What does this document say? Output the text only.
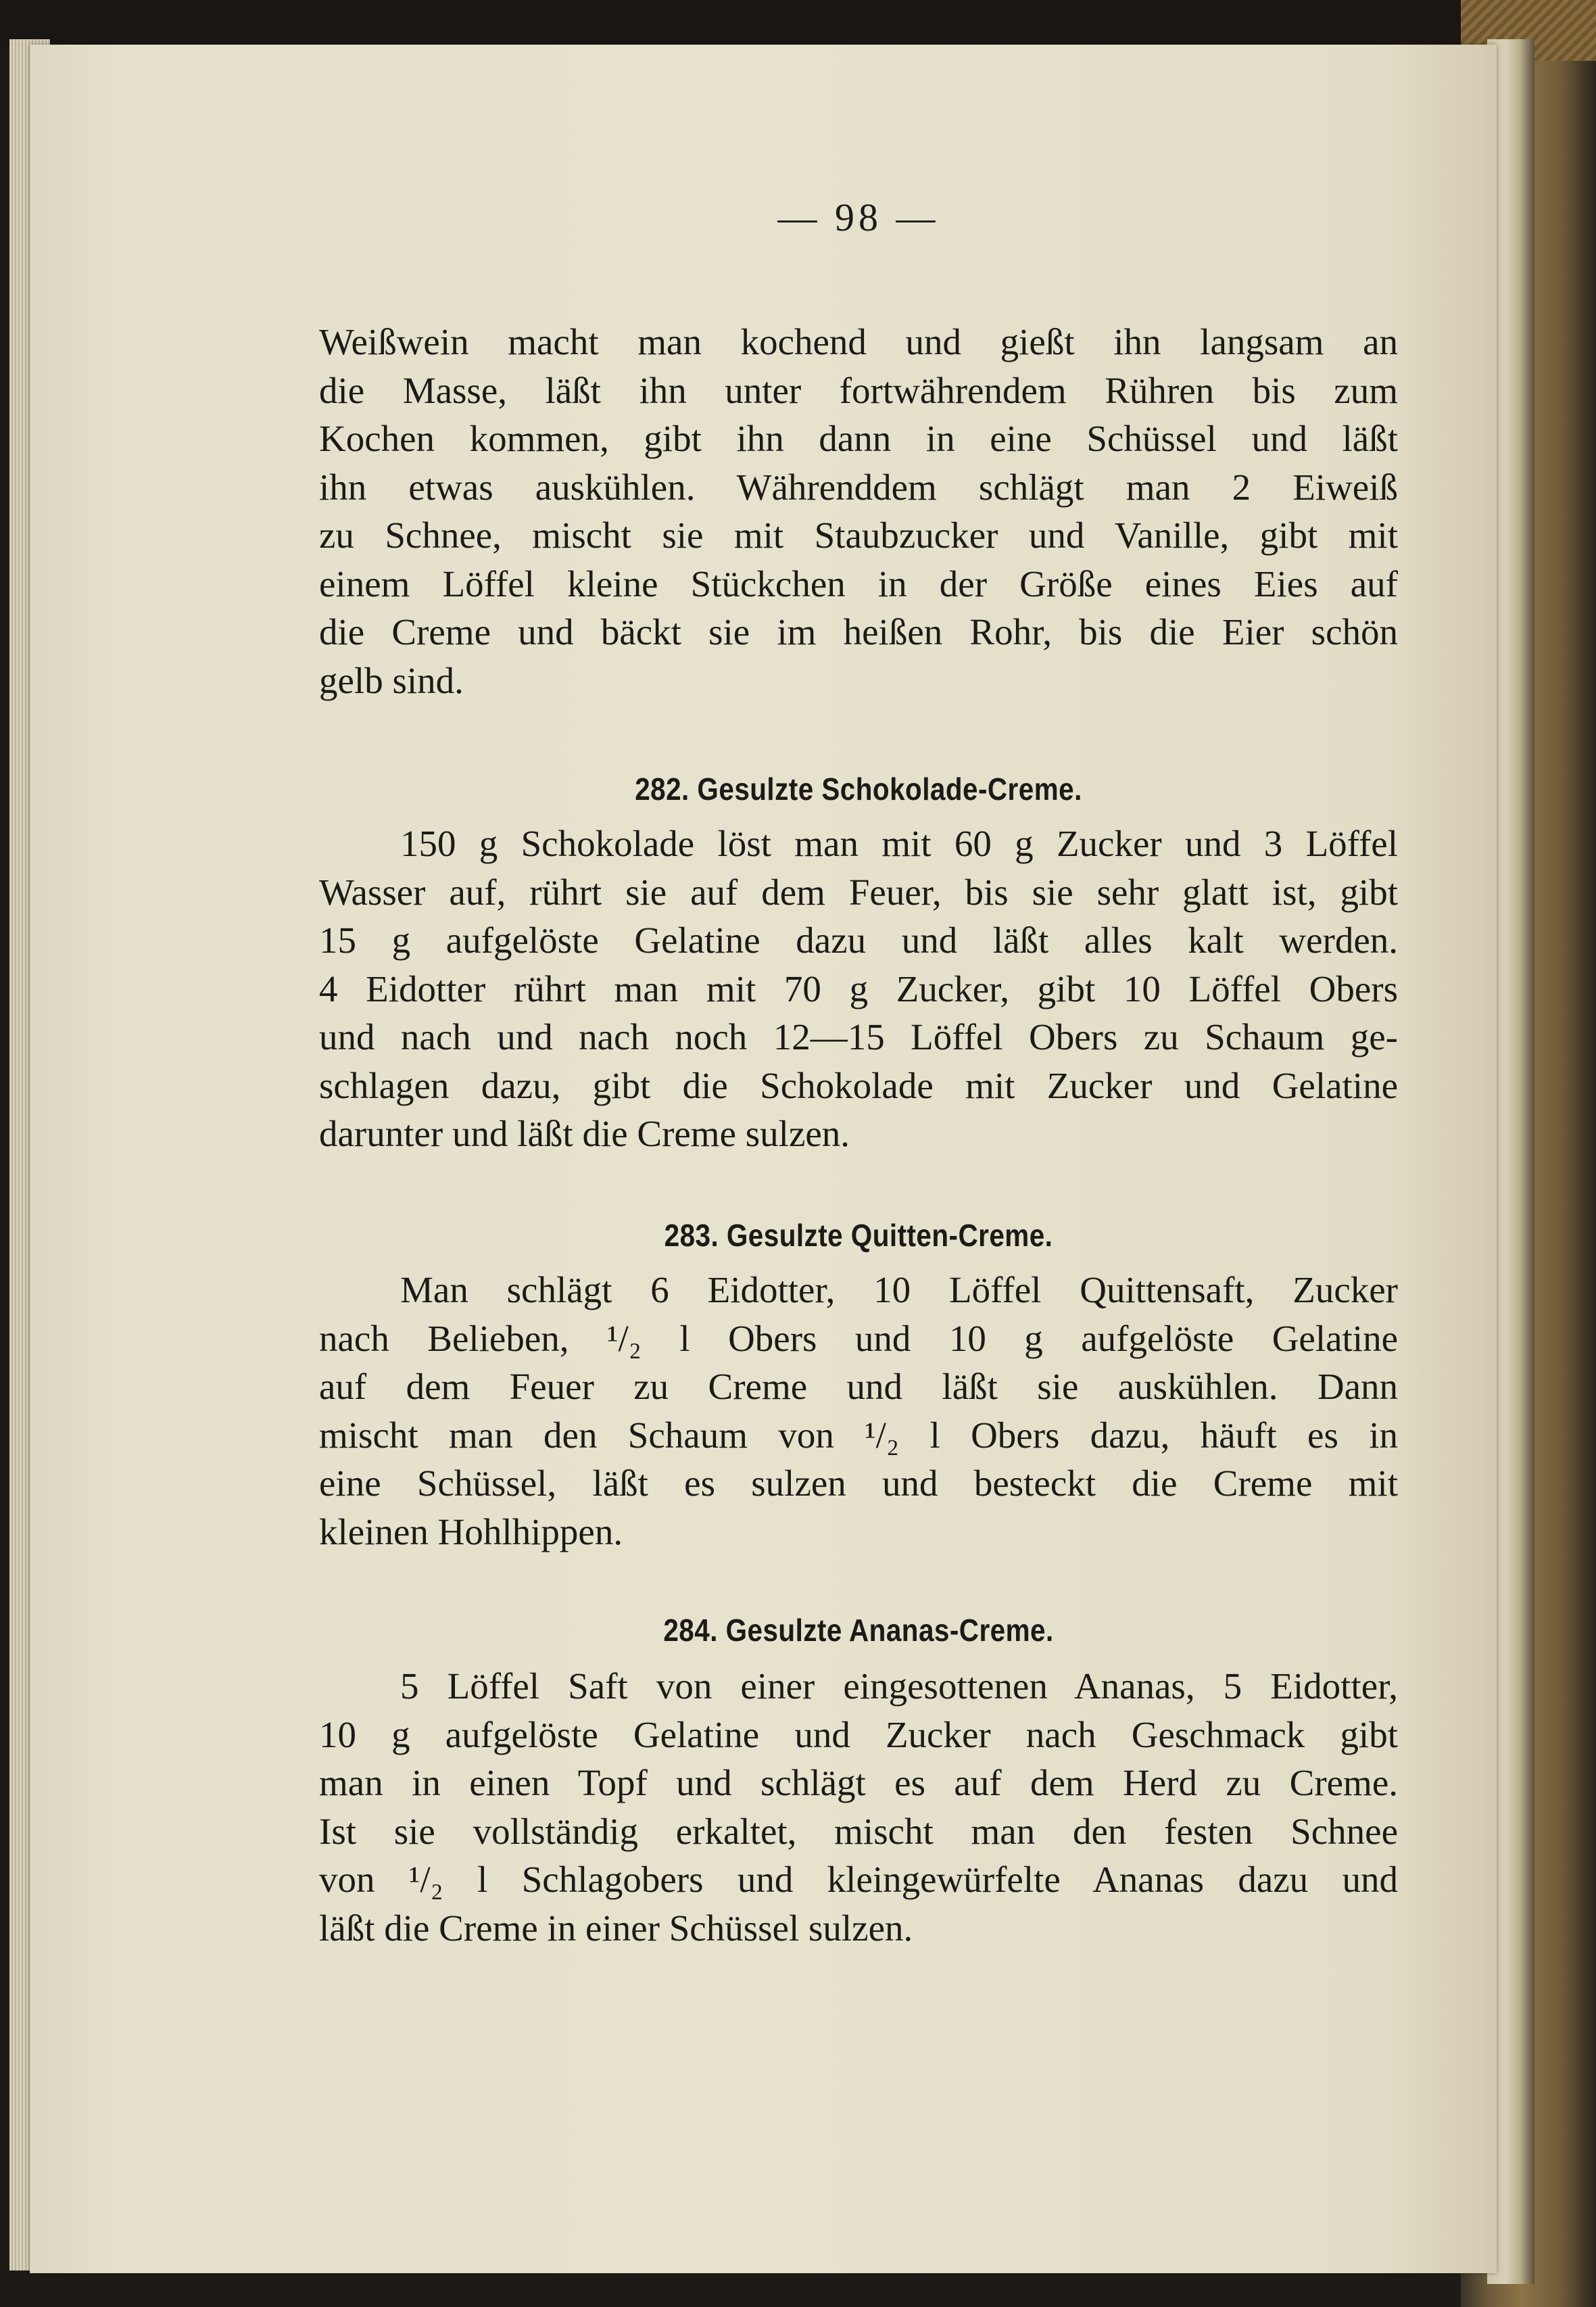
— 98 —
Weißwein macht man kochend und gießt ihn langsam an
die Masse, läßt ihn unter fortwährendem Rühren bis zum
Kochen kommen, gibt ihn dann in eine Schüssel und läßt
ihn etwas auskühlen. Währenddem schlägt man 2 Eiweiß
zu Schnee, mischt sie mit Staubzucker und Vanille, gibt mit
einem Löffel kleine Stückchen in der Größe eines Eies auf
die Creme und bäckt sie im heißen Rohr, bis die Eier schön
gelb sind.
282. Gesulzte Schokolade-Creme.
150 g Schokolade löst man mit 60 g Zucker und 3 Löffel
Wasser auf, rührt sie auf dem Feuer, bis sie sehr glatt ist, gibt
15 g aufgelöste Gelatine dazu und läßt alles kalt werden.
4 Eidotter rührt man mit 70 g Zucker, gibt 10 Löffel Obers
und nach und nach noch 12—15 Löffel Obers zu Schaum ge-
schlagen dazu, gibt die Schokolade mit Zucker und Gelatine
darunter und läßt die Creme sulzen.
283. Gesulzte Quitten-Creme.
Man schlägt 6 Eidotter, 10 Löffel Quittensaft, Zucker
nach Belieben, ¹/₂ l Obers und 10 g aufgelöste Gelatine
auf dem Feuer zu Creme und läßt sie auskühlen. Dann
mischt man den Schaum von ¹/₂ l Obers dazu, häuft es in
eine Schüssel, läßt es sulzen und besteckt die Creme mit
kleinen Hohlhippen.
284. Gesulzte Ananas-Creme.
5 Löffel Saft von einer eingesottenen Ananas, 5 Eidotter,
10 g aufgelöste Gelatine und Zucker nach Geschmack gibt
man in einen Topf und schlägt es auf dem Herd zu Creme.
Ist sie vollständig erkaltet, mischt man den festen Schnee
von ¹/₂ l Schlagobers und kleingewürfelte Ananas dazu und
läßt die Creme in einer Schüssel sulzen.
